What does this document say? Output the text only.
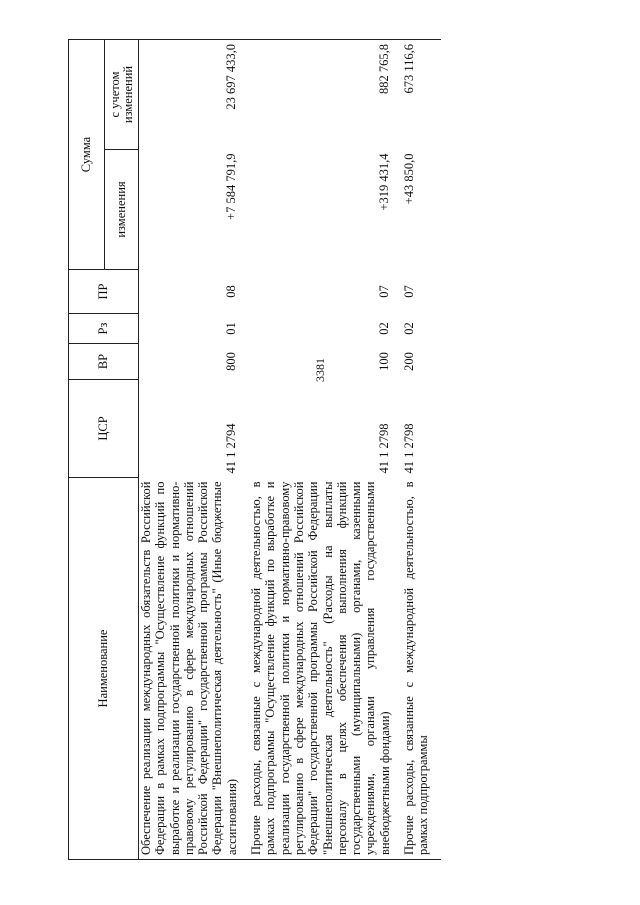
3381
Наименование	ЦСР	ВР	Рз	ПР	Сумма	
					изменения	с учетом изменений
Обеспечение реализации международных обязательств Российской Федерации в рамках подпрограммы "Осуществление функций по выработке и реализации государственной политики и нормативно-правовому регулированию в сфере международных отношений Российской Федерации" государственной программы Российской Федерации "Внешнеполитическая деятельность" (Иные бюджетные ассигнования)	41 1 2794	800	01	08	+7 584 791,9	23 697 433,0
Прочие расходы, связанные с международной деятельностью, в рамках подпрограммы "Осуществление функций по выработке и реализации государственной политики и нормативно-правовому регулированию в сфере международных отношений Российской Федерации" государственной программы Российской Федерации "Внешнеполитическая деятельность" (Расходы на выплаты персоналу в целях обеспечения выполнения функций государственными (муниципальными) органами, казенными учреждениями, органами управления государственными внебюджетными фондами)	41 1 2798	100	02	07	+319 431,4	882 765,8
Прочие расходы, связанные с международной деятельностью, в рамках подпрограммы	41 1 2798	200	02	07	+43 850,0	673 116,6
